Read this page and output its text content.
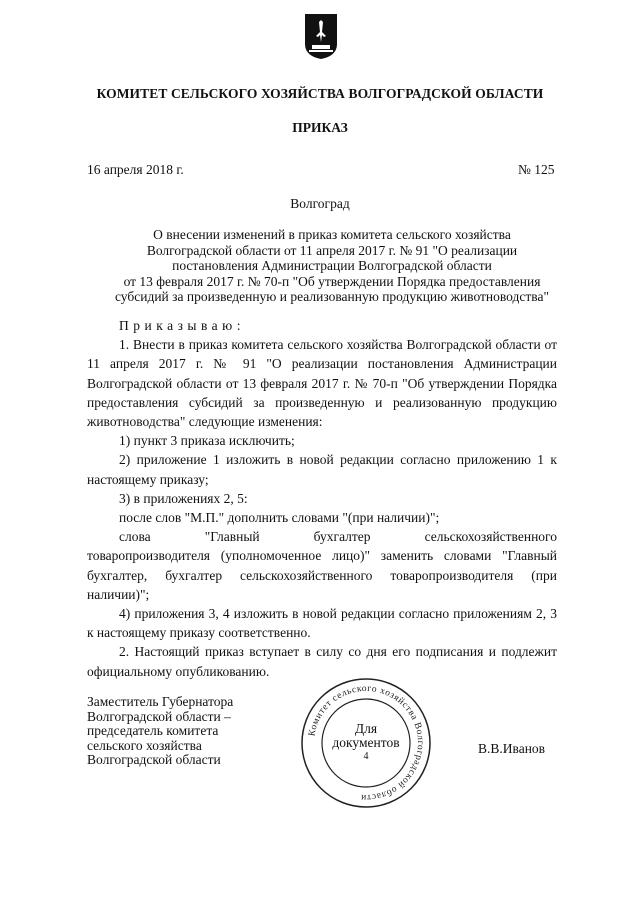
КОМИТЕТ СЕЛЬСКОГО ХОЗЯЙСТВА ВОЛГОГРАДСКОЙ ОБЛАСТИ
ПРИКАЗ
16 апреля 2018 г.	№ 125
Волгоград
О внесении изменений в приказ комитета сельского хозяйства
Волгоградской области от 11 апреля 2017 г. № 91 "О реализации
постановления Администрации Волгоградской области
от 13 февраля 2017 г. № 70-п "Об утверждении Порядка предоставления
субсидий за произведенную и реализованную продукцию животноводства"

Приказываю:

1. Внести в приказ комитета сельского хозяйства Волгоградской области от 11 апреля 2017 г. № 91 "О реализации постановления Администрации Волгоградской области от 13 февраля 2017 г. № 70-п "Об утверждении Порядка предоставления субсидий за произведенную и реализованную продукцию животноводства" следующие изменения:

1) пункт 3 приказа исключить;

2) приложение 1 изложить в новой редакции согласно приложению 1 к настоящему приказу;

3) в приложениях 2, 5:

после слов "М.П." дополнить словами "(при наличии)";

слова "Главный бухгалтер сельскохозяйственного

товаропроизводителя (уполномоченное лицо)" заменить словами "Главный бухгалтер, бухгалтер сельскохозяйственного товаропроизводителя (при наличии)";

4) приложения 3, 4 изложить в новой редакции согласно приложениям 2, 3 к настоящему приказу соответственно.

2. Настоящий приказ вступает в силу со дня его подписания и подлежит официальному опубликованию.

Заместитель Губернатора
Волгоградской области –
председатель комитета
сельского хозяйства
Волгоградской области
В.В.Иванов
Комитет сельского хозяйства Волгоградской области
Для
документов
4
